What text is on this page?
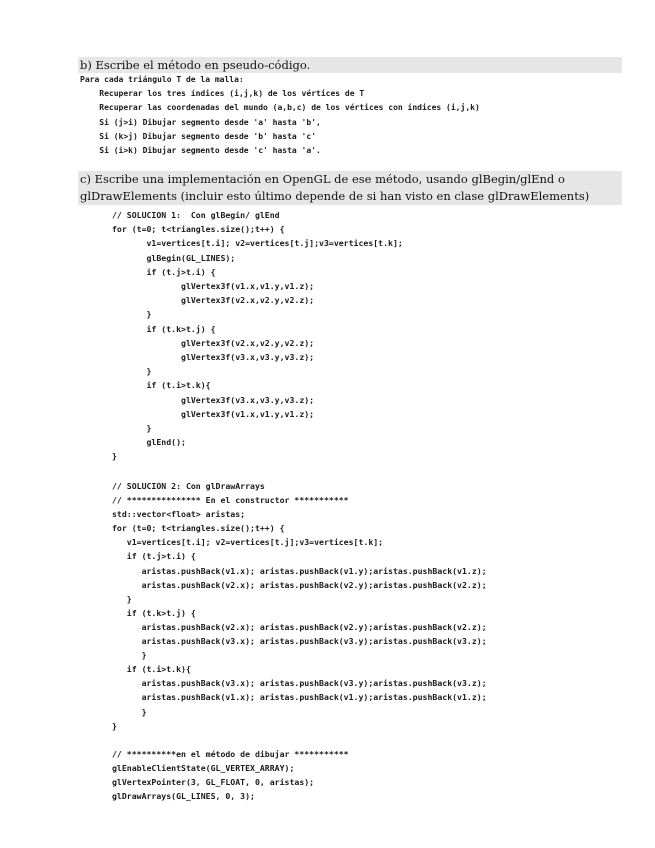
b) Escribe el método en pseudo-código.
Para cada triángulo T de la malla:
Recuperar los tres índices (i,j,k) de los vértices de T
Recuperar las coordenadas del mundo (a,b,c) de los vértices con índices (i,j,k)
Si (j>i) Dibujar segmento desde 'a' hasta 'b',
Si (k>j) Dibujar segmento desde 'b' hasta 'c'
Si (i>k) Dibujar segmento desde 'c' hasta 'a'.
c) Escribe una implementación en OpenGL de ese método, usando glBegin/glEnd o
glDrawElements (incluir esto último depende de si han visto en clase glDrawElements)
// SOLUCION 1:  Con glBegin/ glEnd
for (t=0; t<triangles.size();t++) {
v1=vertices[t.i]; v2=vertices[t.j];v3=vertices[t.k];
glBegin(GL_LINES);
if (t.j>t.i) {
glVertex3f(v1.x,v1.y,v1.z);
glVertex3f(v2.x,v2.y,v2.z);
}
if (t.k>t.j) {
glVertex3f(v2.x,v2.y,v2.z);
glVertex3f(v3.x,v3.y,v3.z);
}
if (t.i>t.k){
glVertex3f(v3.x,v3.y,v3.z);
glVertex3f(v1.x,v1.y,v1.z);
}
glEnd();
}
// SOLUCION 2: Con glDrawArrays
// *************** En el constructor ***********
std::vector<float> aristas;
for (t=0; t<triangles.size();t++) {
v1=vertices[t.i]; v2=vertices[t.j];v3=vertices[t.k];
if (t.j>t.i) {
aristas.pushBack(v1.x); aristas.pushBack(v1.y);aristas.pushBack(v1.z);
aristas.pushBack(v2.x); aristas.pushBack(v2.y);aristas.pushBack(v2.z);
}
if (t.k>t.j) {
aristas.pushBack(v2.x); aristas.pushBack(v2.y);aristas.pushBack(v2.z);
aristas.pushBack(v3.x); aristas.pushBack(v3.y);aristas.pushBack(v3.z);
}
if (t.i>t.k){
aristas.pushBack(v3.x); aristas.pushBack(v3.y);aristas.pushBack(v3.z);
aristas.pushBack(v1.x); aristas.pushBack(v1.y);aristas.pushBack(v1.z);
}
}
// **********en el método de dibujar ***********
glEnableClientState(GL_VERTEX_ARRAY);
glVertexPointer(3, GL_FLOAT, 0, aristas);
glDrawArrays(GL_LINES, 0, 3);
